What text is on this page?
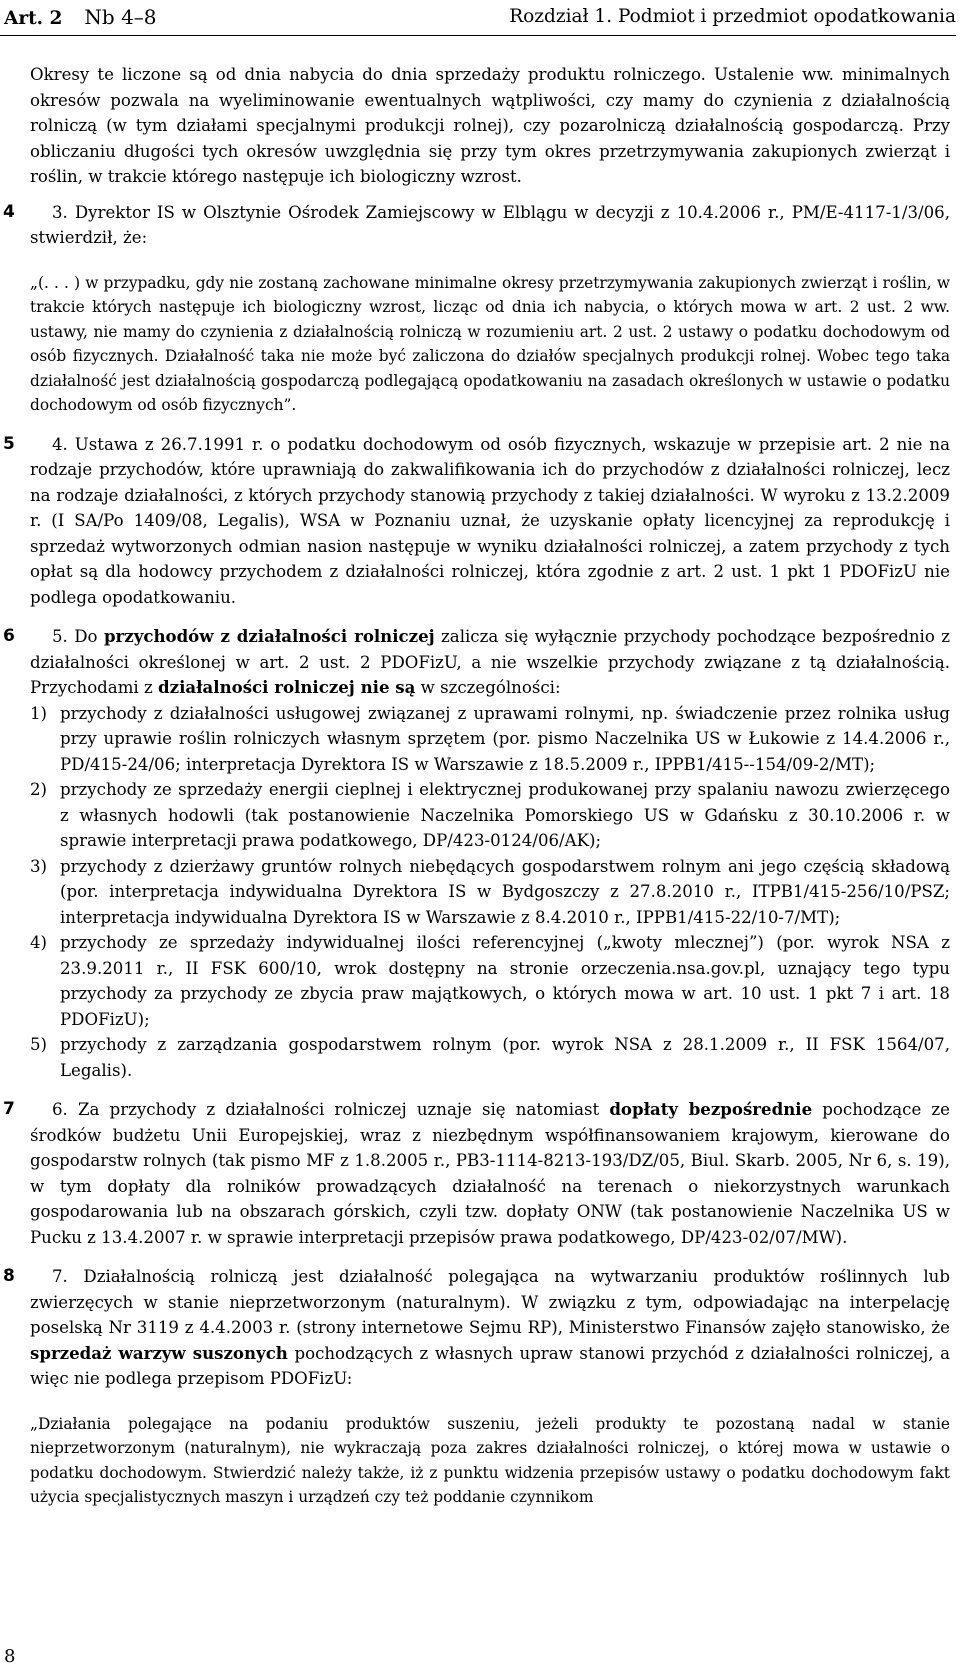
Art. 2 Nb 4–8	Rozdział 1. Podmiot i przedmiot opodatkowania

Okresy te liczone są od dnia nabycia do dnia sprzedaży produktu rolniczego. Ustalenie ww. minimalnych okresów pozwala na wyeliminowanie ewentualnych wątpliwości, czy mamy do czynienia z działalnością rolniczą (w tym działami specjalnymi produkcji rolnej), czy pozarolniczą działalnością gospodarczą. Przy obliczaniu długości tych okresów uwzględnia się przy tym okres przetrzymywania zakupionych zwierząt i roślin, w trakcie którego następuje ich biologiczny wzrost.

4	3. Dyrektor IS w Olsztynie Ośrodek Zamiejscowy w Elblągu w decyzji z 10.4.2006 r., PM/E-4117-1/3/06, stwierdził, że:

„(. . . ) w przypadku, gdy nie zostaną zachowane minimalne okresy przetrzymywania zakupionych zwierząt i roślin, w trakcie których następuje ich biologiczny wzrost, licząc od dnia ich nabycia, o których mowa w art. 2 ust. 2 ww. ustawy, nie mamy do czynienia z działalnością rolniczą w rozumieniu art. 2 ust. 2 ustawy o podatku dochodowym od osób fizycznych. Działalność taka nie może być zaliczona do działów specjalnych produkcji rolnej. Wobec tego taka działalność jest działalnością gospodarczą podlegającą opodatkowaniu na zasadach określonych w ustawie o podatku dochodowym od osób fizycznych”.

5	4. Ustawa z 26.7.1991 r. o podatku dochodowym od osób fizycznych, wskazuje w przepisie art. 2 nie na rodzaje przychodów, które uprawniają do zakwalifikowania ich do przychodów z działalności rolniczej, lecz na rodzaje działalności, z których przychody stanowią przychody z takiej działalności. W wyroku z 13.2.2009 r. (I SA/Po 1409/08, Legalis), WSA w Poznaniu uznał, że uzyskanie opłaty licencyjnej za reprodukcję i sprzedaż wytworzonych odmian nasion następuje w wyniku działalności rolniczej, a zatem przychody z tych opłat są dla hodowcy przychodem z działalności rolniczej, która zgodnie z art. 2 ust. 1 pkt 1 PDOFizU nie podlega opodatkowaniu.

6	5. Do przychodów z działalności rolniczej zalicza się wyłącznie przychody pochodzące bezpośrednio z działalności określonej w art. 2 ust. 2 PDOFizU, a nie wszelkie przychody związane z tą działalnością. Przychodami z działalności rolniczej nie są w szczególności:

1) przychody z działalności usługowej związanej z uprawami rolnymi, np. świadczenie przez rolnika usług przy uprawie roślin rolniczych własnym sprzętem (por. pismo Naczelnika US w Łukowie z 14.4.2006 r., PD/415-24/06; interpretacja Dyrektora IS w Warszawie z 18.5.2009 r., IPPB1/415--154/09-2/MT);
2) przychody ze sprzedaży energii cieplnej i elektrycznej produkowanej przy spalaniu nawozu zwierzęcego z własnych hodowli (tak postanowienie Naczelnika Pomorskiego US w Gdańsku z 30.10.2006 r. w sprawie interpretacji prawa podatkowego, DP/423-0124/06/AK);
3) przychody z dzierżawy gruntów rolnych niebędących gospodarstwem rolnym ani jego częścią składową (por. interpretacja indywidualna Dyrektora IS w Bydgoszczy z 27.8.2010 r., ITPB1/415-256/10/PSZ; interpretacja indywidualna Dyrektora IS w Warszawie z 8.4.2010 r., IPPB1/415-22/10-7/MT);
4) przychody ze sprzedaży indywidualnej ilości referencyjnej („kwoty mlecznej”) (por. wyrok NSA z 23.9.2011 r., II FSK 600/10, wrok dostępny na stronie orzeczenia.nsa.gov.pl, uznający tego typu przychody za przychody ze zbycia praw majątkowych, o których mowa w art. 10 ust. 1 pkt 7 i art. 18 PDOFizU);
5) przychody z zarządzania gospodarstwem rolnym (por. wyrok NSA z 28.1.2009 r., II FSK 1564/07, Legalis).
7	6. Za przychody z działalności rolniczej uznaje się natomiast dopłaty bezpośrednie pochodzące ze środków budżetu Unii Europejskiej, wraz z niezbędnym współfinansowaniem krajowym, kierowane do gospodarstw rolnych (tak pismo MF z 1.8.2005 r., PB3-1114-8213-193/DZ/05, Biul. Skarb. 2005, Nr 6, s. 19), w tym dopłaty dla rolników prowadzących działalność na terenach o niekorzystnych warunkach gospodarowania lub na obszarach górskich, czyli tzw. dopłaty ONW (tak postanowienie Naczelnika US w Pucku z 13.4.2007 r. w sprawie interpretacji przepisów prawa podatkowego, DP/423-02/07/MW).

8	7. Działalnością rolniczą jest działalność polegająca na wytwarzaniu produktów roślinnych lub zwierzęcych w stanie nieprzetworzonym (naturalnym). W związku z tym, odpowiadając na interpelację poselską Nr 3119 z 4.4.2003 r. (strony internetowe Sejmu RP), Ministerstwo Finansów zajęło stanowisko, że sprzedaż warzyw suszonych pochodzących z własnych upraw stanowi przychód z działalności rolniczej, a więc nie podlega przepisom PDOFizU:

„Działania polegające na podaniu produktów suszeniu, jeżeli produkty te pozostaną nadal w stanie nieprzetworzonym (naturalnym), nie wykraczają poza zakres działalności rolniczej, o której mowa w ustawie o podatku dochodowym. Stwierdzić należy także, iż z punktu widzenia przepisów ustawy o podatku dochodowym fakt użycia specjalistycznych maszyn i urządzeń czy też poddanie czynnikom

8
